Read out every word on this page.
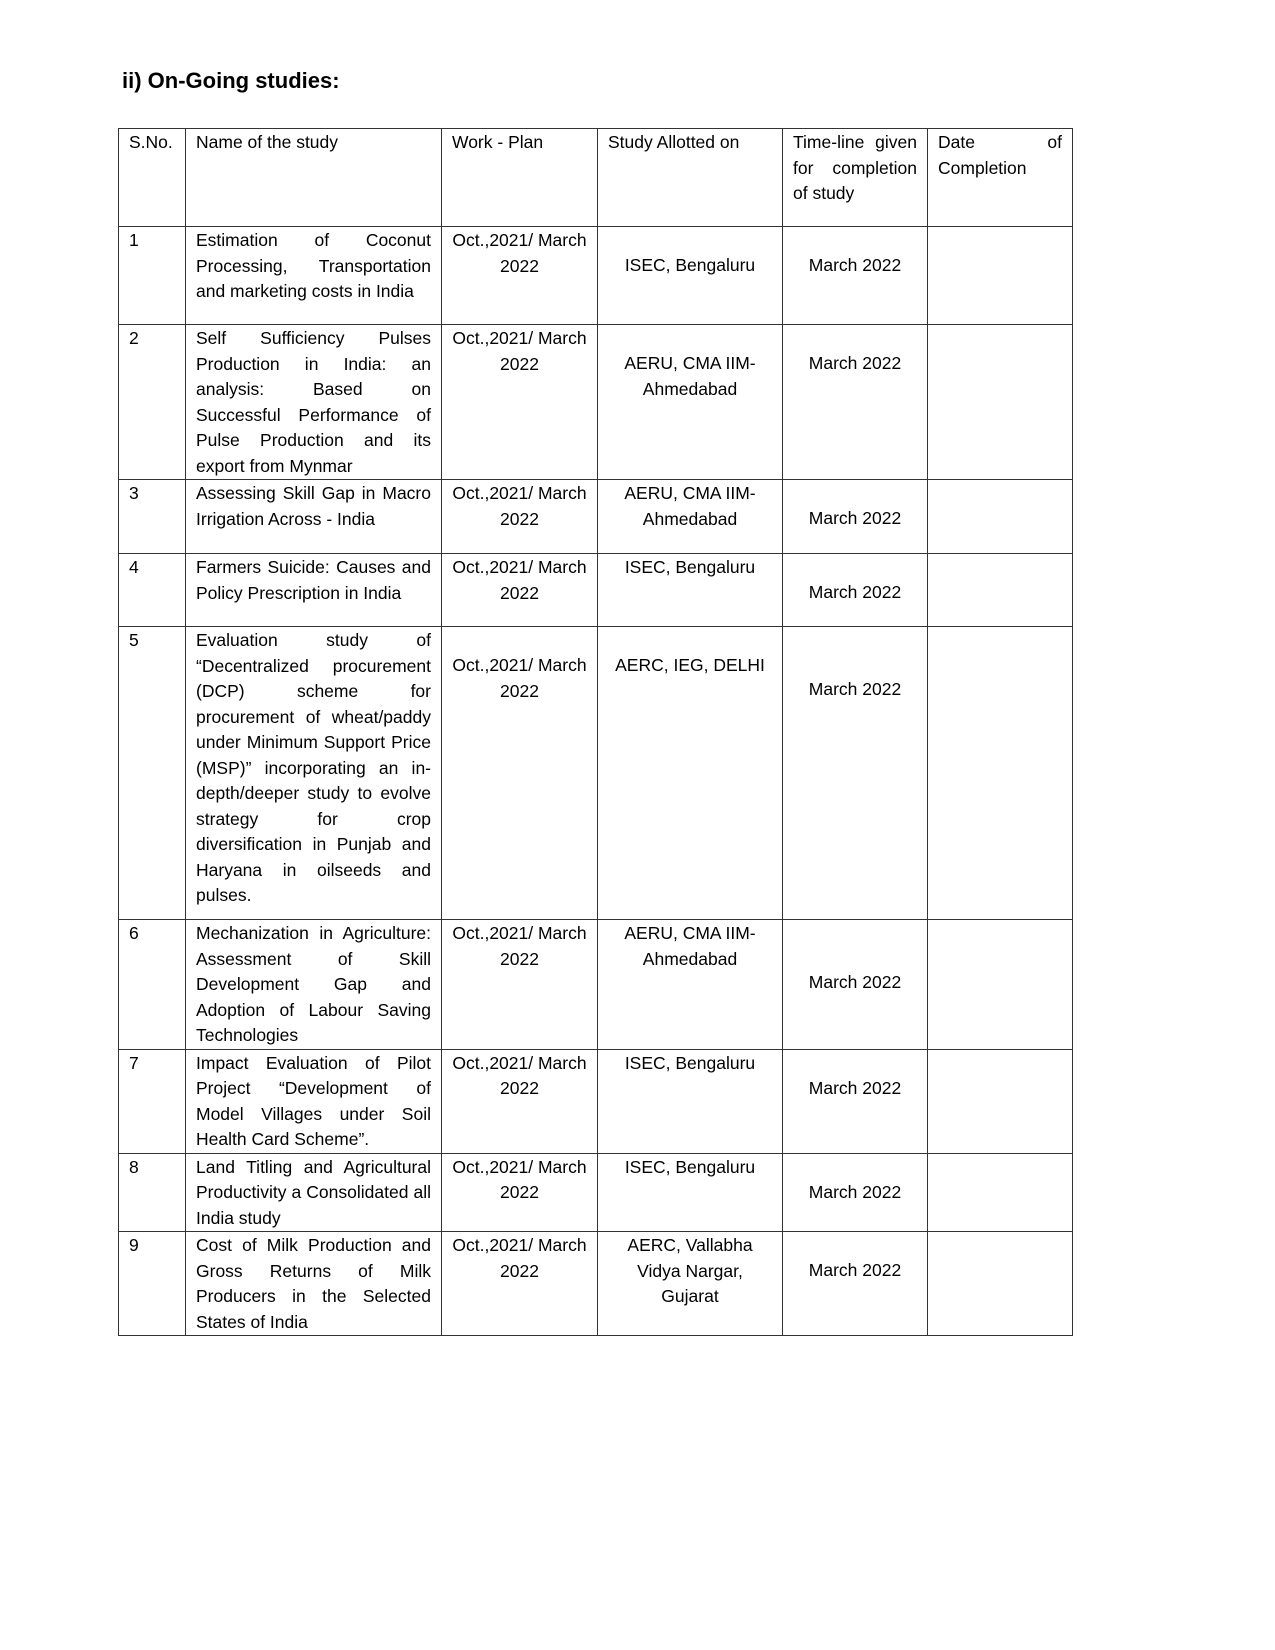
ii) On-Going studies:
S.No.	Name of the study	Work - Plan	Study Allotted on	Time-line given for completion of study	Date of Completion
1	Estimation of Coconut Processing, Transportation and marketing costs in India	Oct.,2021/ March 2022	ISEC, Bengaluru	March 2022	
2	Self Sufficiency Pulses Production in India: an analysis: Based on Successful Performance of Pulse Production and its export from Mynmar	Oct.,2021/ March 2022	AERU, CMA IIM-Ahmedabad	March 2022	
3	Assessing Skill Gap in Macro Irrigation Across - India	Oct.,2021/ March 2022	AERU, CMA IIM-Ahmedabad	March 2022	
4	Farmers Suicide: Causes and Policy Prescription in India	Oct.,2021/ March 2022	ISEC, Bengaluru	March 2022	
5	Evaluation study of “Decentralized procurement (DCP) scheme for procurement of wheat/paddy under Minimum Support Price (MSP)” incorporating an in-depth/deeper study to evolve strategy for crop diversification in Punjab and Haryana in oilseeds and pulses.	Oct.,2021/ March 2022	AERC, IEG, DELHI	March 2022	
6	Mechanization in Agriculture: Assessment of Skill Development Gap and Adoption of Labour Saving Technologies	Oct.,2021/ March 2022	AERU, CMA IIM-Ahmedabad	March 2022	
7	Impact Evaluation of Pilot Project “Development of Model Villages under Soil Health Card Scheme”.	Oct.,2021/ March 2022	ISEC, Bengaluru	March 2022	
8	Land Titling and Agricultural Productivity a Consolidated all India study	Oct.,2021/ March 2022	ISEC, Bengaluru	March 2022	
9	Cost of Milk Production and Gross Returns of Milk Producers in the Selected States of India	Oct.,2021/ March 2022	AERC, Vallabha Vidya Nargar, Gujarat	March 2022	
